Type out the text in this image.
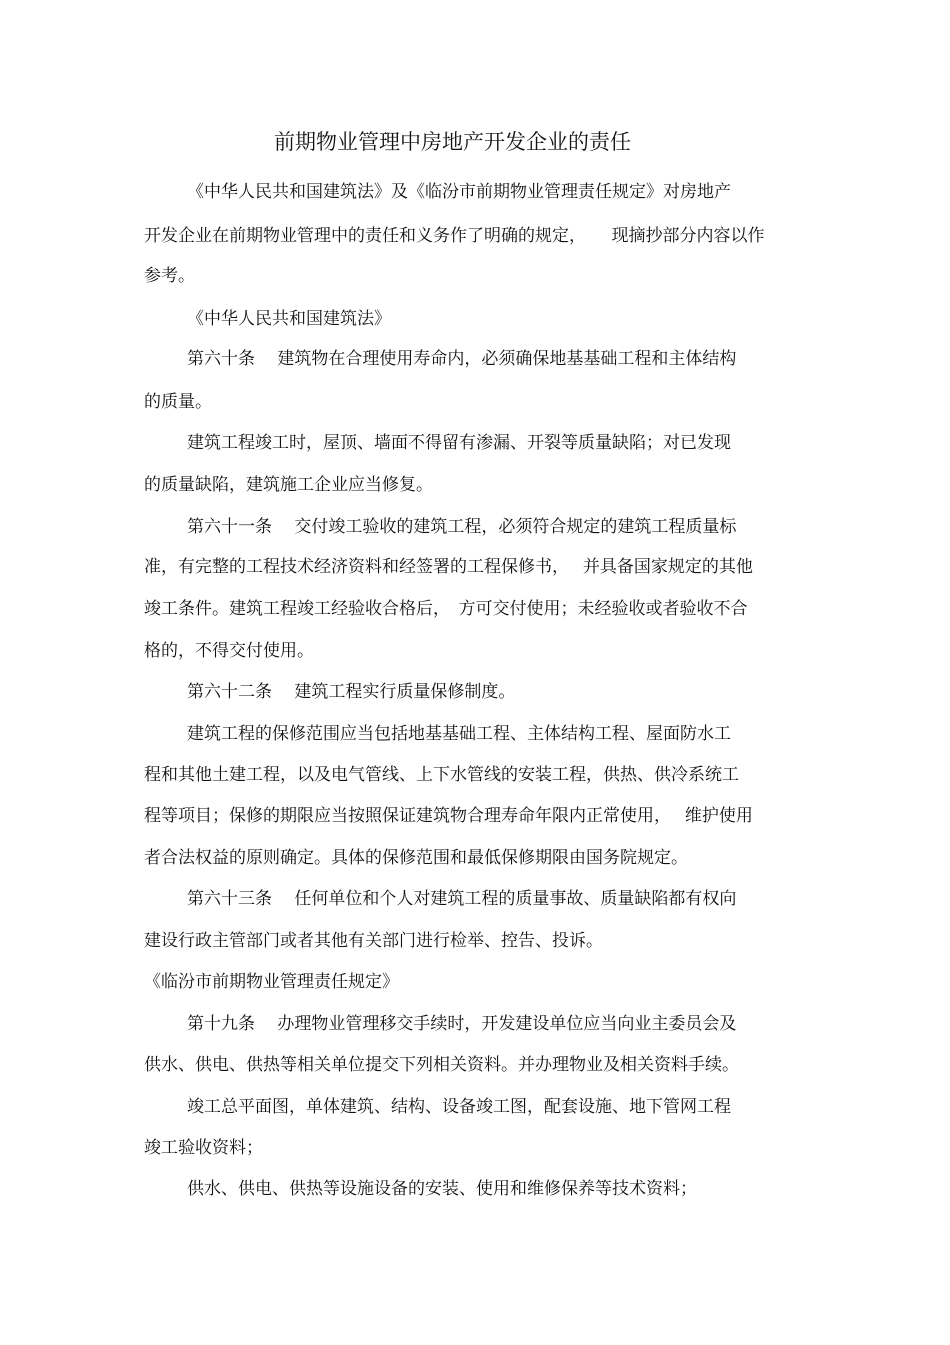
前期物业管理中房地产开发企业的责任
《中华人民共和国建筑法》及《临汾市前期物业管理责任规定》对房地产
开发企业在前期物业管理中的责任和义务作了明确的规定，　　现摘抄部分内容以作
参考。
《中华人民共和国建筑法》
第六十条　 建筑物在合理使用寿命内，必须确保地基基础工程和主体结构
的质量。
建筑工程竣工时，屋顶、墙面不得留有渗漏、开裂等质量缺陷；对已发现
的质量缺陷，建筑施工企业应当修复。
第六十一条　 交付竣工验收的建筑工程，必须符合规定的建筑工程质量标
准，有完整的工程技术经济资料和经签署的工程保修书，　 并具备国家规定的其他
竣工条件。建筑工程竣工经验收合格后，　方可交付使用；未经验收或者验收不合
格的，不得交付使用。
第六十二条　 建筑工程实行质量保修制度。
建筑工程的保修范围应当包括地基基础工程、主体结构工程、屋面防水工
程和其他土建工程，以及电气管线、上下水管线的安装工程，供热、供冷系统工
程等项目；保修的期限应当按照保证建筑物合理寿命年限内正常使用，　 维护使用
者合法权益的原则确定。具体的保修范围和最低保修期限由国务院规定。
第六十三条　 任何单位和个人对建筑工程的质量事故、质量缺陷都有权向
建设行政主管部门或者其他有关部门进行检举、控告、投诉。
《临汾市前期物业管理责任规定》
第十九条　 办理物业管理移交手续时，开发建设单位应当向业主委员会及
供水、供电、供热等相关单位提交下列相关资料。并办理物业及相关资料手续。
竣工总平面图，单体建筑、结构、设备竣工图，配套设施、地下管网工程
竣工验收资料；
供水、供电、供热等设施设备的安装、使用和维修保养等技术资料；
